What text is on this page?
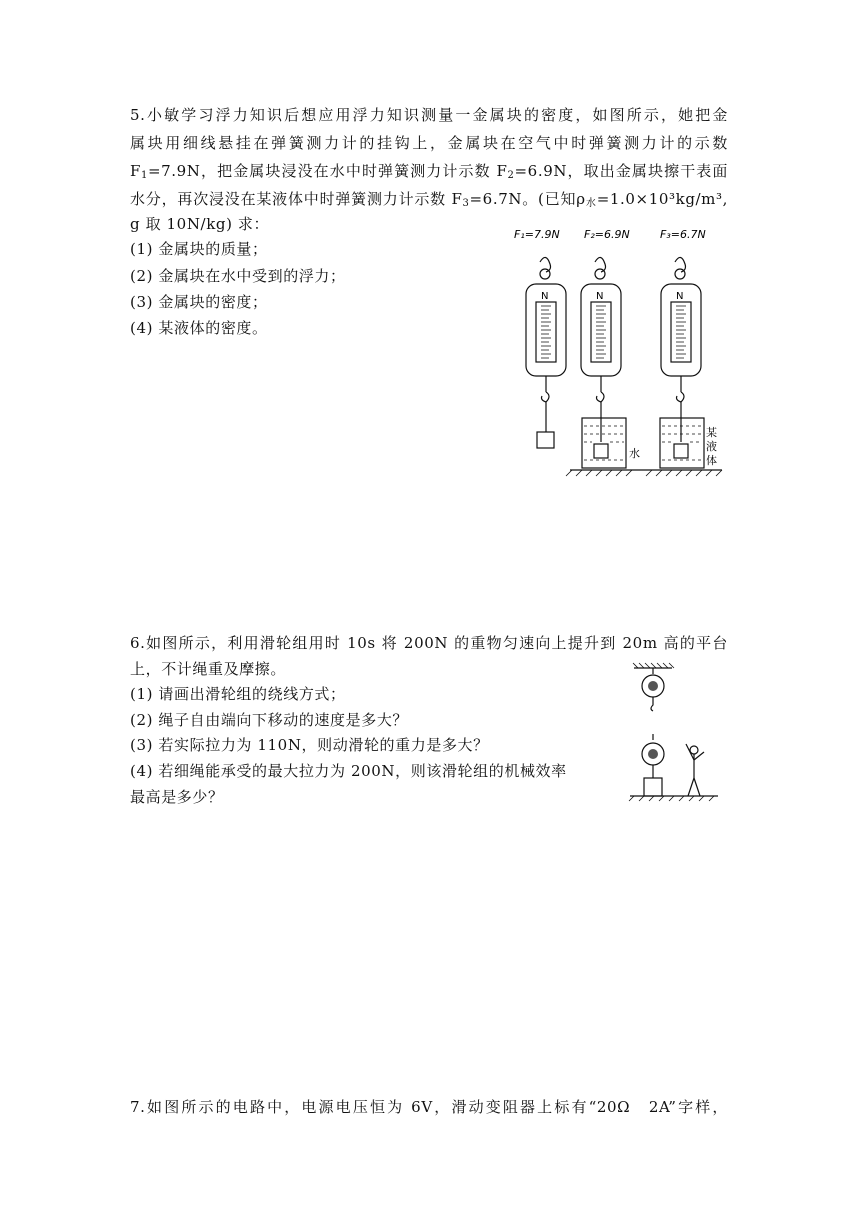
5.小敏学习浮力知识后想应用浮力知识测量一金属块的密度，如图所示，她把金
属块用细线悬挂在弹簧测力计的挂钩上，金属块在空气中时弹簧测力计的示数
$F_1=7.9N$，把金属块浸没在水中时弹簧测力计示数 $F_2=6.9N$，取出金属块擦干表面
水分，再次浸没在某液体中时弹簧测力计示数 $F_3=6.7N$。(已知$\rho_水=1.0\times 10^3kg/m^3$,
g 取 10N/kg) 求：
(1) 金属块的质量；
(2) 金属块在水中受到的浮力；
(3) 金属块的密度；
(4) 某液体的密度。
F₁=7.9N F₂=6.9N	F₃=6.7N
N	N	N
水
某
液
体
6.如图所示，利用滑轮组用时 10s 将 200N 的重物匀速向上提升到 20m 高的平台
上，不计绳重及摩擦。
(1) 请画出滑轮组的绕线方式；
(2) 绳子自由端向下移动的速度是多大？
(3) 若实际拉力为 110N，则动滑轮的重力是多大？
(4) 若细绳能承受的最大拉力为 200N，则该滑轮组的机械效率
最高是多少？
7.如图所示的电路中，电源电压恒为 6V，滑动变阻器上标有“20Ω　2A”字样，
